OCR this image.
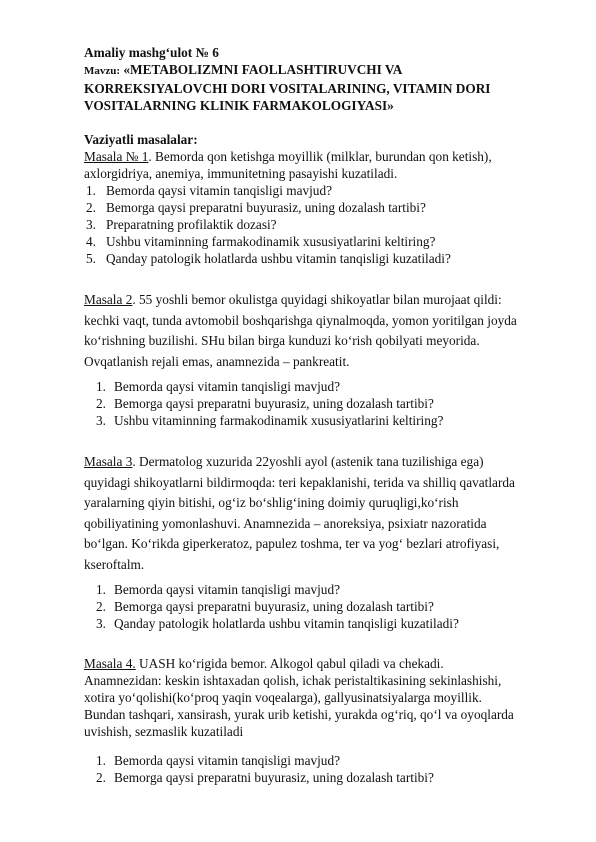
Amaliy mashg‘ulot № 6
Mavzu: «METABOLIZMNI FAOLLASHTIRUVCHI VA
KORREKSIYALOVCHI DORI VOSITALARINING, VITAMIN DORI
VOSITALARNING KLINIK FARMAKOLOGIYASI»
Vaziyatli masalalar:
Masala № 1. Bemorda qon ketishga moyillik (milklar, burundan qon ketish),
axlorgidriya, anemiya, immunitetning pasayishi kuzatiladi.
1. Bemorda qaysi vitamin tanqisligi mavjud?
2. Bemorga qaysi preparatni buyurasiz, uning dozalash tartibi?
3. Preparatning profilaktik dozasi?
4. Ushbu vitaminning farmakodinamik xususiyatlarini keltiring?
5. Qanday patologik holatlarda ushbu vitamin tanqisligi kuzatiladi?
Masala 2. 55 yoshli bemor okulistga quyidagi shikoyatlar bilan murojaat qildi:
kechki vaqt, tunda avtomobil boshqarishga qiynalmoqda, yomon yoritilgan joyda
ko‘rishning buzilishi. SHu bilan birga kunduzi ko‘rish qobilyati meyorida.
Ovqatlanish rejali emas, anamnezida – pankreatit.
1. Bemorda qaysi vitamin tanqisligi mavjud?
2. Bemorga qaysi preparatni buyurasiz, uning dozalash tartibi?
3. Ushbu vitaminning farmakodinamik xususiyatlarini keltiring?
Masala 3. Dermatolog xuzurida 22yoshli ayol (astenik tana tuzilishiga ega)
quyidagi shikoyatlarni bildirmoqda: teri kepaklanishi, terida va shilliq qavatlarda
yaralarning qiyin bitishi, og‘iz bo‘shlig‘ining doimiy quruqligi,ko‘rish
qobiliyatining yomonlashuvi. Anamnezida – anoreksiya, psixiatr nazoratida
bo‘lgan. Ko‘rikda giperkeratoz, papulez toshma, ter va yog‘ bezlari atrofiyasi,
kseroftalm.
1. Bemorda qaysi vitamin tanqisligi mavjud?
2. Bemorga qaysi preparatni buyurasiz, uning dozalash tartibi?
3. Qanday patologik holatlarda ushbu vitamin tanqisligi kuzatiladi?
Masala 4. UASH ko‘rigida bemor. Alkogol qabul qiladi va chekadi.
Anamnezidan: keskin ishtaxadan qolish, ichak peristaltikasining sekinlashishi,
xotira yo‘qolishi(ko‘proq yaqin voqealarga), gallyusinatsiyalarga moyillik.
Bundan tashqari, xansirash, yurak urib ketishi, yurakda og‘riq, qo‘l va oyoqlarda
uvishish, sezmaslik kuzatiladi
1. Bemorda qaysi vitamin tanqisligi mavjud?
2. Bemorga qaysi preparatni buyurasiz, uning dozalash tartibi?
